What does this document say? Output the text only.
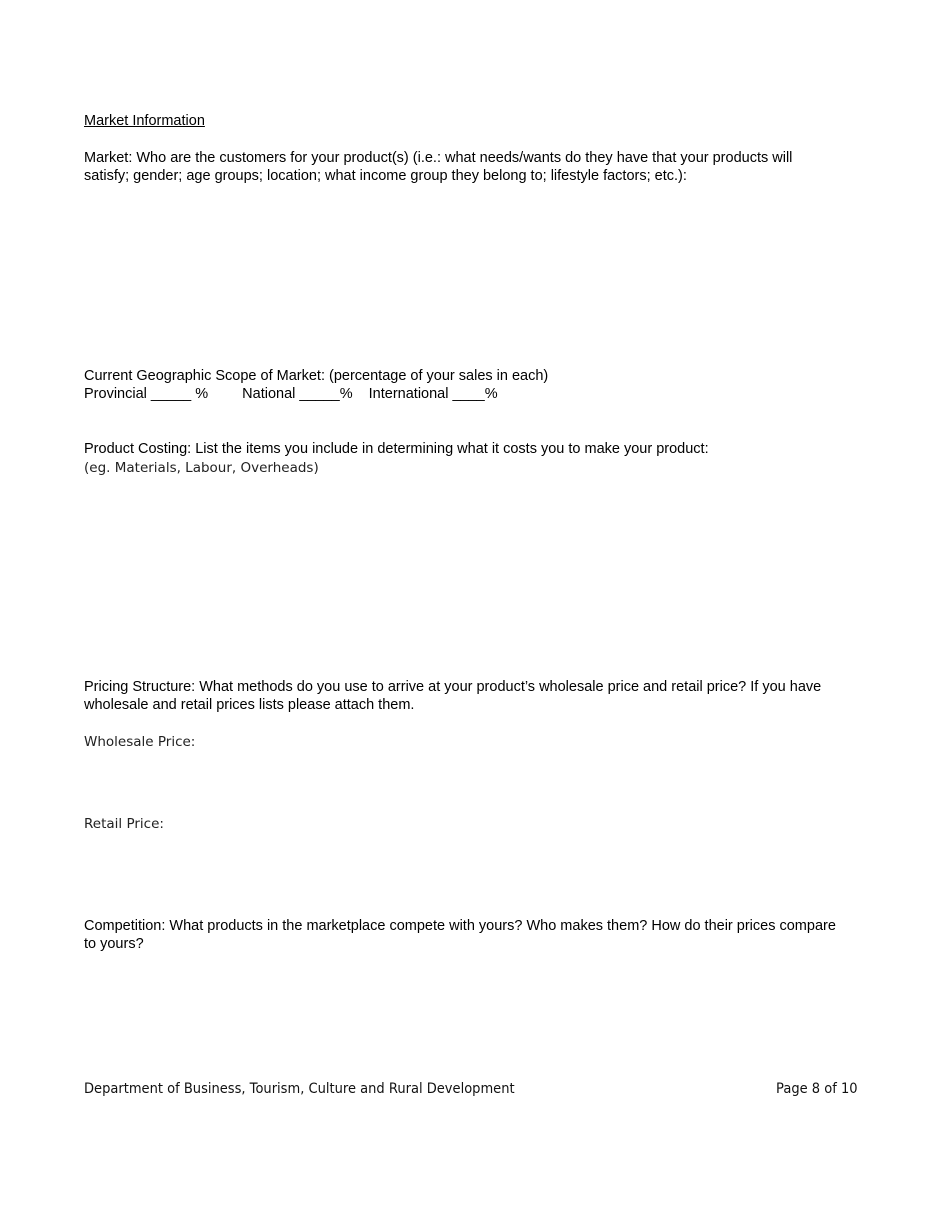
Market Information
Market: Who are the customers for your product(s) (i.e.: what needs/wants do they have that your products will
satisfy; gender; age groups; location; what income group they belong to; lifestyle factors; etc.):
Current Geographic Scope of Market: (percentage of your sales in each)
Provincial _____ % National _____% International ____%
Product Costing: List the items you include in determining what it costs you to make your product:
(eg. Materials, Labour, Overheads)
Pricing Structure: What methods do you use to arrive at your product’s wholesale price and retail price? If you have
wholesale and retail prices lists please attach them.
Wholesale Price:
Retail Price:
Competition: What products in the marketplace compete with yours? Who makes them? How do their prices compare
to yours?
Department of Business, Tourism, Culture and Rural Development	Page 8 of 10
